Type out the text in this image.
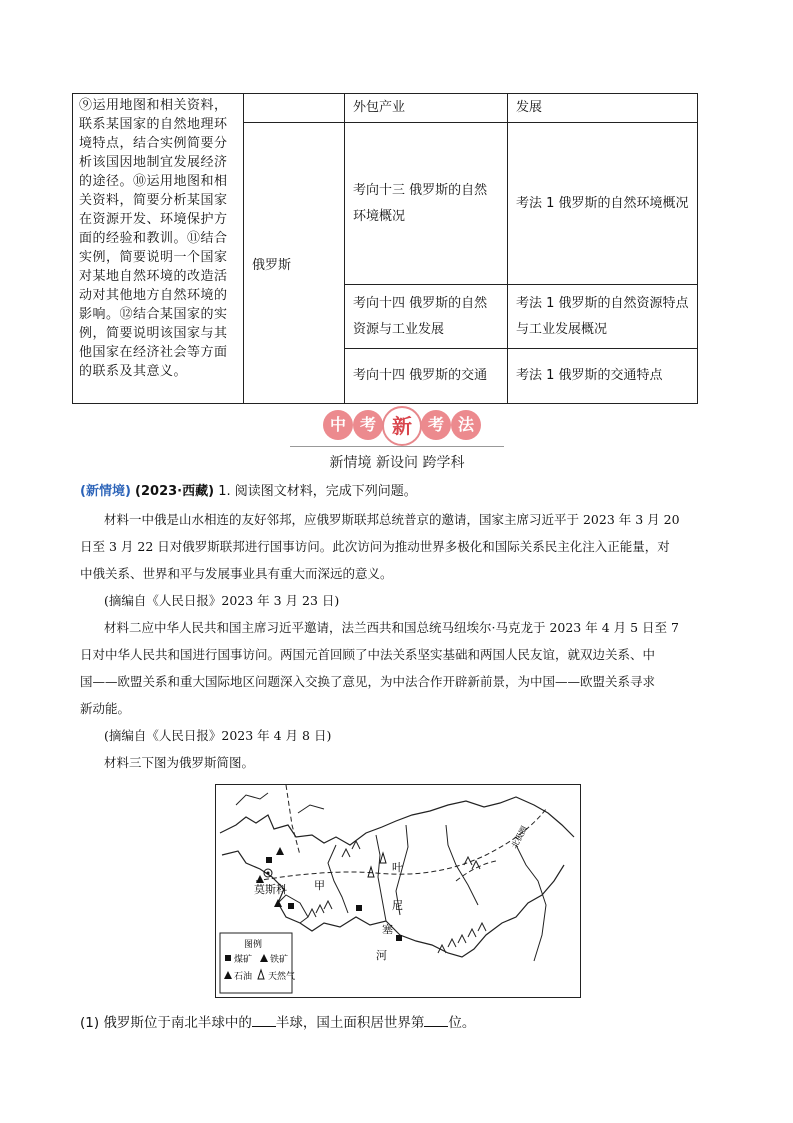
⑨运用地图和相关资料，联系某国家的自然地理环境特点，结合实例简要分析该国因地制宜发展经济的途径。⑩运用地图和相关资料，简要分析某国家在资源开发、环境保护方面的经验和教训。⑪结合实例，简要说明一个国家对某地自然环境的改造活动对其他地方自然环境的影响。⑫结合某国家的实例，简要说明该国家与其他国家在经济社会等方面的联系及其意义。		外包产业	发展
	俄罗斯	考向十三 俄罗斯的自然环境概况	考法 1 俄罗斯的自然环境概况
		考向十四 俄罗斯的自然资源与工业发展	考法 1 俄罗斯的自然资源特点与工业发展概况
		考向十四 俄罗斯的交通	考法 1 俄罗斯的交通特点
中 考 新 考 法
新情境 新设问 跨学科
(新情境) (2023·西藏) 1. 阅读图文材料，完成下列问题。
材料一中俄是山水相连的友好邻邦，应俄罗斯联邦总统普京的邀请，国家主席习近平于 2023 年 3 月 20
日至 3 月 22 日对俄罗斯联邦进行国事访问。此次访问为推动世界多极化和国际关系民主化注入正能量，对
中俄关系、世界和平与发展事业具有重大而深远的意义。
(摘编自《人民日报》2023 年 3 月 23 日)
材料二应中华人民共和国主席习近平邀请，法兰西共和国总统马纽埃尔·马克龙于 2023 年 4 月 5 日至 7
日对中华人民共和国进行国事访问。两国元首回顾了中法关系坚实基础和两国人民友谊，就双边关系、中
国——欧盟关系和重大国际地区问题深入交换了意见，为中法合作开辟新前景，为中国——欧盟关系寻求
新动能。
(摘编自《人民日报》2023 年 4 月 8 日)
材料三下图为俄罗斯简图。
莫斯科 甲
叶
尼
塞
河
北极圈
图例
煤矿 铁矿
石油 天然气
(1) 俄罗斯位于南北半球中的 半球，国土面积居世界第 位。
